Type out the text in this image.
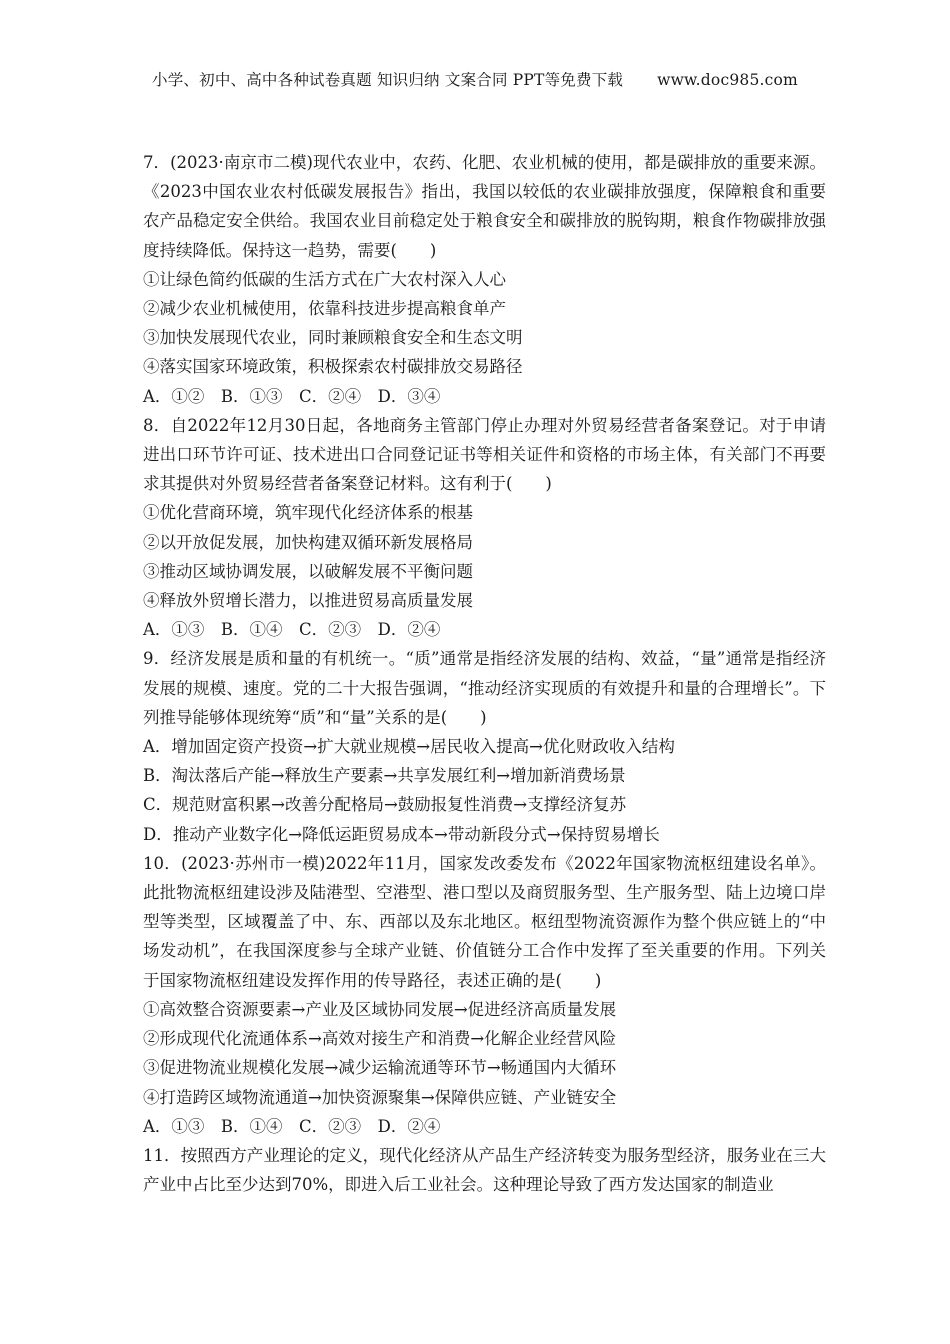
小学、初中、高中各种试卷真题 知识归纳 文案合同 PPT等免费下载 www.doc985.com
7．(2023·南京市二模)现代农业中，农药、化肥、农业机械的使用，都是碳排放的重要来源。《2023中国农业农村低碳发展报告》指出，我国以较低的农业碳排放强度，保障粮食和重要农产品稳定安全供给。我国农业目前稳定处于粮食安全和碳排放的脱钩期，粮食作物碳排放强度持续降低。保持这一趋势，需要(　　)
①让绿色简约低碳的生活方式在广大农村深入人心
②减少农业机械使用，依靠科技进步提高粮食单产
③加快发展现代农业，同时兼顾粮食安全和生态文明
④落实国家环境政策，积极探索农村碳排放交易路径
A．①②　B．①③　C．②④　D．③④
8．自2022年12月30日起，各地商务主管部门停止办理对外贸易经营者备案登记。对于申请进出口环节许可证、技术进出口合同登记证书等相关证件和资格的市场主体，有关部门不再要求其提供对外贸易经营者备案登记材料。这有利于(　　)
①优化营商环境，筑牢现代化经济体系的根基
②以开放促发展，加快构建双循环新发展格局
③推动区域协调发展，以破解发展不平衡问题
④释放外贸增长潜力，以推进贸易高质量发展
A．①③　B．①④　C．②③　D．②④
9．经济发展是质和量的有机统一。“质”通常是指经济发展的结构、效益，“量”通常是指经济发展的规模、速度。党的二十大报告强调，“推动经济实现质的有效提升和量的合理增长”。下列推导能够体现统筹“质”和“量”关系的是(　　)
A．增加固定资产投资→扩大就业规模→居民收入提高→优化财政收入结构
B．淘汰落后产能→释放生产要素→共享发展红利→增加新消费场景
C．规范财富积累→改善分配格局→鼓励报复性消费→支撑经济复苏
D．推动产业数字化→降低运距贸易成本→带动新段分式→保持贸易增长
10．(2023·苏州市一模)2022年11月，国家发改委发布《2022年国家物流枢纽建设名单》。此批物流枢纽建设涉及陆港型、空港型、港口型以及商贸服务型、生产服务型、陆上边境口岸型等类型，区域覆盖了中、东、西部以及东北地区。枢纽型物流资源作为整个供应链上的“中场发动机”，在我国深度参与全球产业链、价值链分工合作中发挥了至关重要的作用。下列关于国家物流枢纽建设发挥作用的传导路径，表述正确的是(　　)
①高效整合资源要素→产业及区域协同发展→促进经济高质量发展
②形成现代化流通体系→高效对接生产和消费→化解企业经营风险
③促进物流业规模化发展→减少运输流通等环节→畅通国内大循环
④打造跨区域物流通道→加快资源聚集→保障供应链、产业链安全
A．①③　B．①④　C．②③　D．②④
11．按照西方产业理论的定义，现代化经济从产品生产经济转变为服务型经济，服务业在三大产业中占比至少达到70%，即进入后工业社会。这种理论导致了西方发达国家的制造业
